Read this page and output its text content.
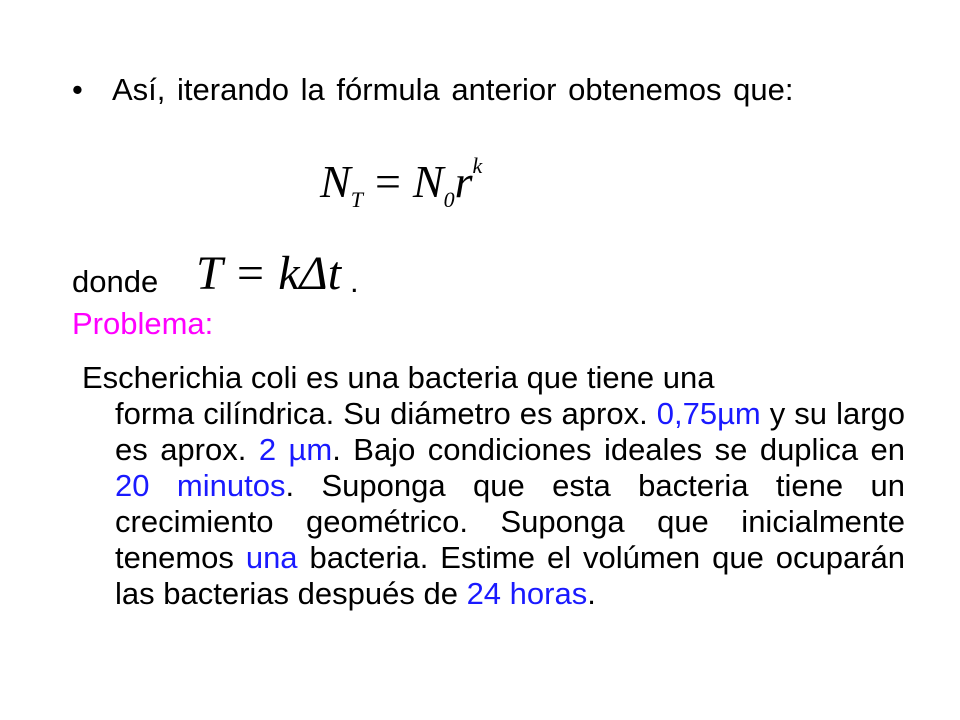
• Así, iterando la fórmula anterior obtenemos que:
$N_T = N_0r^k$
donde T = kΔt .
Problema:
Escherichia coli es una bacteria que tiene una
forma cilíndrica. Su diámetro es aprox. 0,75µm y su largo es aprox. 2 µm. Bajo condiciones ideales se duplica en 20 minutos. Suponga que esta bacteria tiene un crecimiento geométrico. Suponga que inicialmente tenemos una bacteria. Estime el volúmen que ocuparán las bacterias después de 24 horas.
